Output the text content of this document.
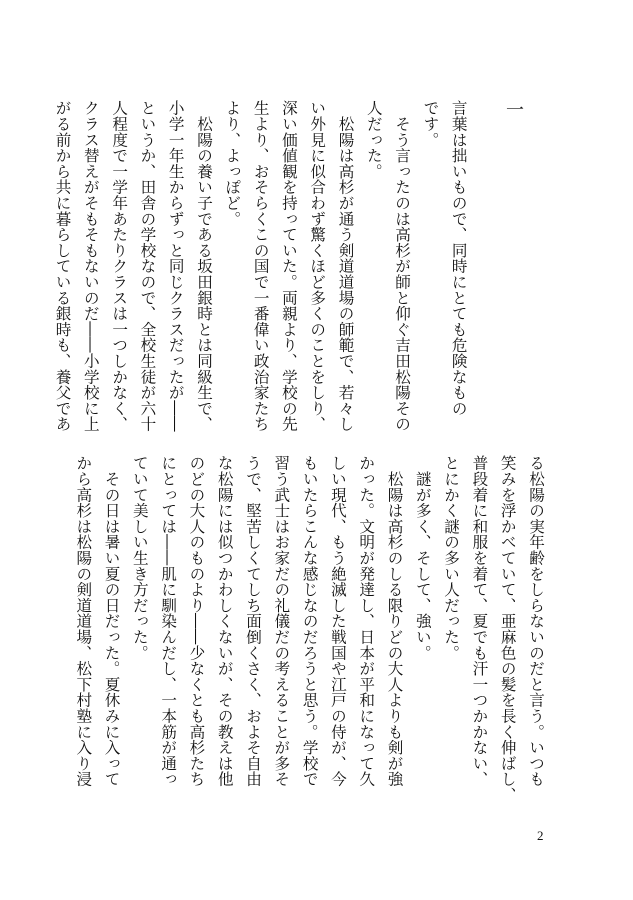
一
言葉は拙いもので、同時にとても危険なもの
です。
　そう言ったのは高杉が師と仰ぐ吉田松陽その
人だった。
　松陽は高杉が通う剣道道場の師範で、若々し
い外見に似合わず驚くほど多くのことをしり、
深い価値観を持っていた。両親より、学校の先
生より、おそらくこの国で一番偉い政治家たち
より、よっぽど。
　松陽の養い子である坂田銀時とは同級生で、
小学一年生からずっと同じクラスだったが――
というか、田舎の学校なので、全校生徒が六十
人程度で一学年あたりクラスは一つしかなく、
クラス替えがそもそもないのだ――小学校に上
がる前から共に暮らしている銀時も、養父であ
る松陽の実年齢をしらないのだと言う。いつも
笑みを浮かべていて、亜麻色の髪を長く伸ばし、
普段着に和服を着て、夏でも汗一つかかない、
とにかく謎の多い人だった。
　謎が多く、そして、強い。
　松陽は高杉のしる限りどの大人よりも剣が強
かった。文明が発達し、日本が平和になって久
しい現代、もう絶滅した戦国や江戸の侍が、今
もいたらこんな感じなのだろうと思う。学校で
習う武士はお家だの礼儀だの考えることが多そ
うで、堅苦しくてしち面倒くさく、およそ自由
な松陽には似つかわしくないが、その教えは他
のどの大人のものより――少なくとも高杉たち
にとっては――肌に馴染んだし、一本筋が通っ
ていて美しい生き方だった。
　その日は暑い夏の日だった。夏休みに入って
から高杉は松陽の剣道道場、松下村塾に入り浸
2
